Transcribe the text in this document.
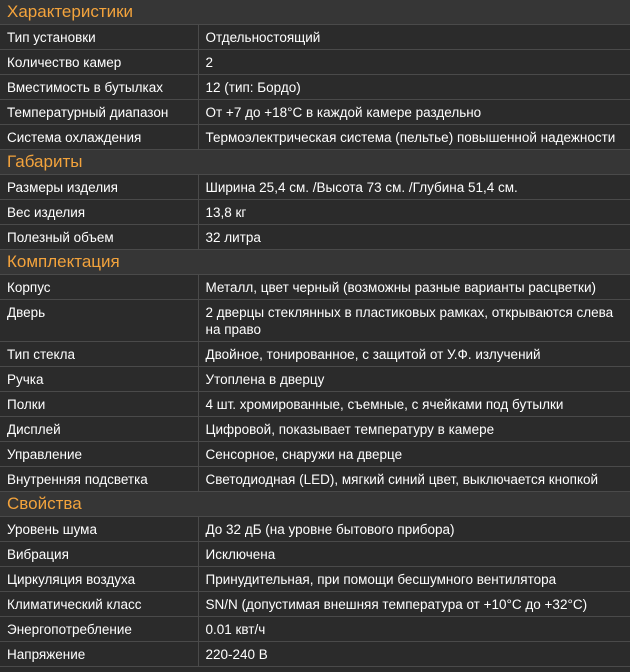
Характеристики	
Тип установки	Отдельностоящий
Количество камер	2
Вместимость в бутылках	12 (тип: Бордо)
Температурный диапазон	От +7 до +18°C в каждой камере раздельно
Система охлаждения	Термоэлектрическая система (пельтье) повышенной надежности
Габариты	
Размеры изделия	Ширина 25,4 см. /Высота 73 см. /Глубина 51,4 см.
Вес изделия	13,8 кг
Полезный объем	32 литра
Комплектация	
Корпус	Металл, цвет черный (возможны разные варианты расцветки)
Дверь	2 дверцы стеклянных в пластиковых рамках, открываются слева на право
Тип стекла	Двойное, тонированное, с защитой от У.Ф. излучений
Ручка	Утоплена в дверцу
Полки	4 шт. хромированные, съемные, с ячейками под бутылки
Дисплей	Цифровой, показывает температуру в камере
Управление	Сенсорное, снаружи на дверце
Внутренняя подсветка	Светодиодная (LED), мягкий синий цвет, выключается кнопкой
Свойства	
Уровень шума	До 32 дБ (на уровне бытового прибора)
Вибрация	Исключена
Циркуляция воздуха	Принудительная, при помощи бесшумного вентилятора
Климатический класс	SN/N (допустимая внешняя температура от +10°C до +32°C)
Энергопотребление	0.01 квт/ч
Напряжение	220-240 В
